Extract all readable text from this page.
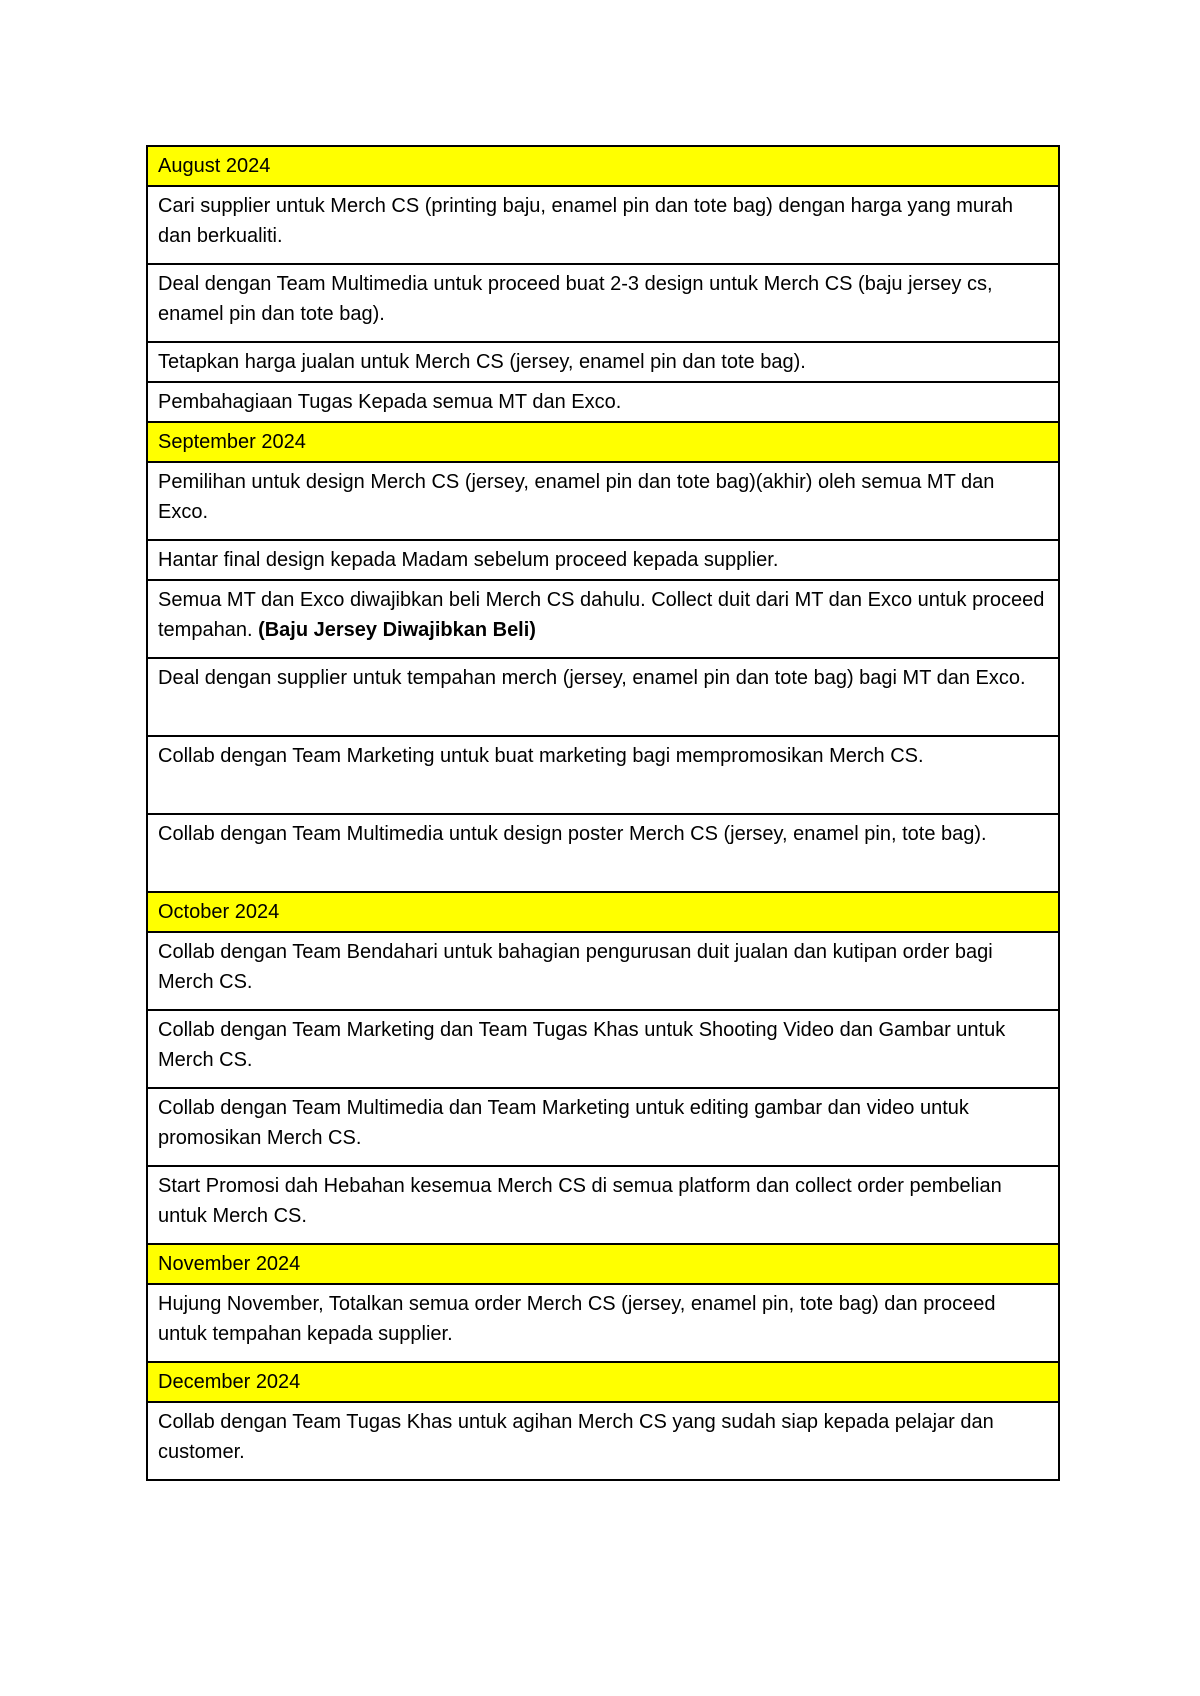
August 2024
Cari supplier untuk Merch CS (printing baju, enamel pin dan tote bag) dengan harga yang murah dan berkualiti.
Deal dengan Team Multimedia untuk proceed buat 2-3 design untuk Merch CS (baju jersey cs, enamel pin dan tote bag).
Tetapkan harga jualan untuk Merch CS (jersey, enamel pin dan tote bag).
Pembahagiaan Tugas Kepada semua MT dan Exco.
September 2024
Pemilihan untuk design Merch CS (jersey, enamel pin dan tote bag)(akhir) oleh semua MT dan Exco.
Hantar final design kepada Madam sebelum proceed kepada supplier.
Semua MT dan Exco diwajibkan beli Merch CS dahulu. Collect duit dari MT dan Exco untuk proceed tempahan. (Baju Jersey Diwajibkan Beli)
Deal dengan supplier untuk tempahan merch (jersey, enamel pin dan tote bag) bagi MT dan Exco.
Collab dengan Team Marketing untuk buat marketing bagi mempromosikan Merch CS.
Collab dengan Team Multimedia untuk design poster Merch CS (jersey, enamel pin, tote bag).
October 2024
Collab dengan Team Bendahari untuk bahagian pengurusan duit jualan dan kutipan order bagi Merch CS.
Collab dengan Team Marketing dan Team Tugas Khas untuk Shooting Video dan Gambar untuk Merch CS.
Collab dengan Team Multimedia dan Team Marketing untuk editing gambar dan video untuk promosikan Merch CS.
Start Promosi dah Hebahan kesemua Merch CS di semua platform dan collect order pembelian untuk Merch CS.
November 2024
Hujung November, Totalkan semua order Merch CS (jersey, enamel pin, tote bag) dan proceed untuk tempahan kepada supplier.
December 2024
Collab dengan Team Tugas Khas untuk agihan Merch CS yang sudah siap kepada pelajar dan customer.
